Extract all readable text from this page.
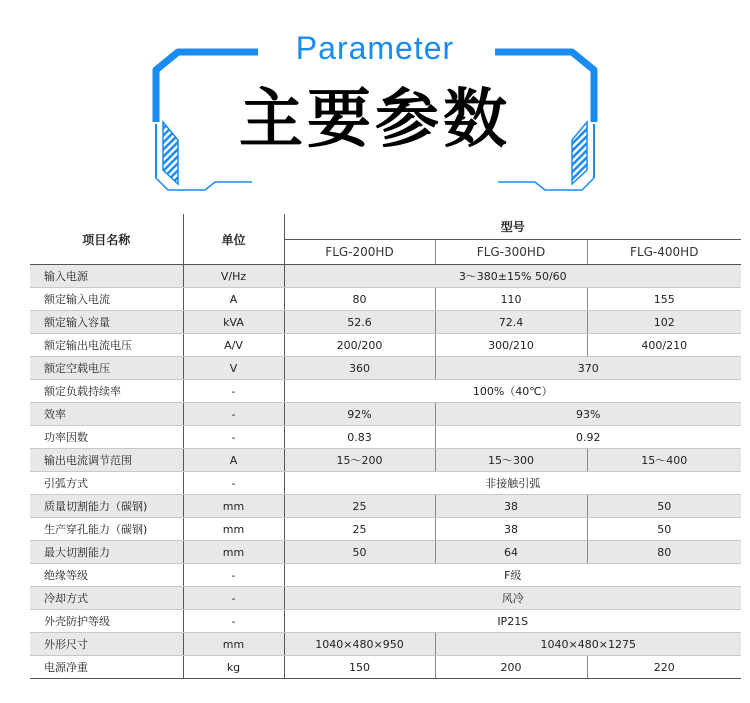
Parameter
主要参数
项目名称	单位	型号		
		FLG-200HD	FLG-300HD	FLG-400HD
输入电源	V/Hz	3～380±15% 50/60		
额定输入电流	A	80	110	155
额定输入容量	kVA	52.6	72.4	102
额定输出电流电压	A/V	200/200	300/210	400/210
额定空载电压	V	360	370	
额定负载持续率	-	100%（40℃）		
效率	-	92%	93%	
功率因数	-	0.83	0.92	
输出电流调节范围	A	15～200	15～300	15～400
引弧方式	-	非接触引弧		
质量切割能力（碳钢)	mm	25	38	50
生产穿孔能力（碳钢)	mm	25	38	50
最大切割能力	mm	50	64	80
绝缘等级	-	F级		
冷却方式	-	风冷		
外壳防护等级	-	IP21S		
外形尺寸	mm	1040×480×950	1040×480×1275	
电源净重	kg	150	200	220
